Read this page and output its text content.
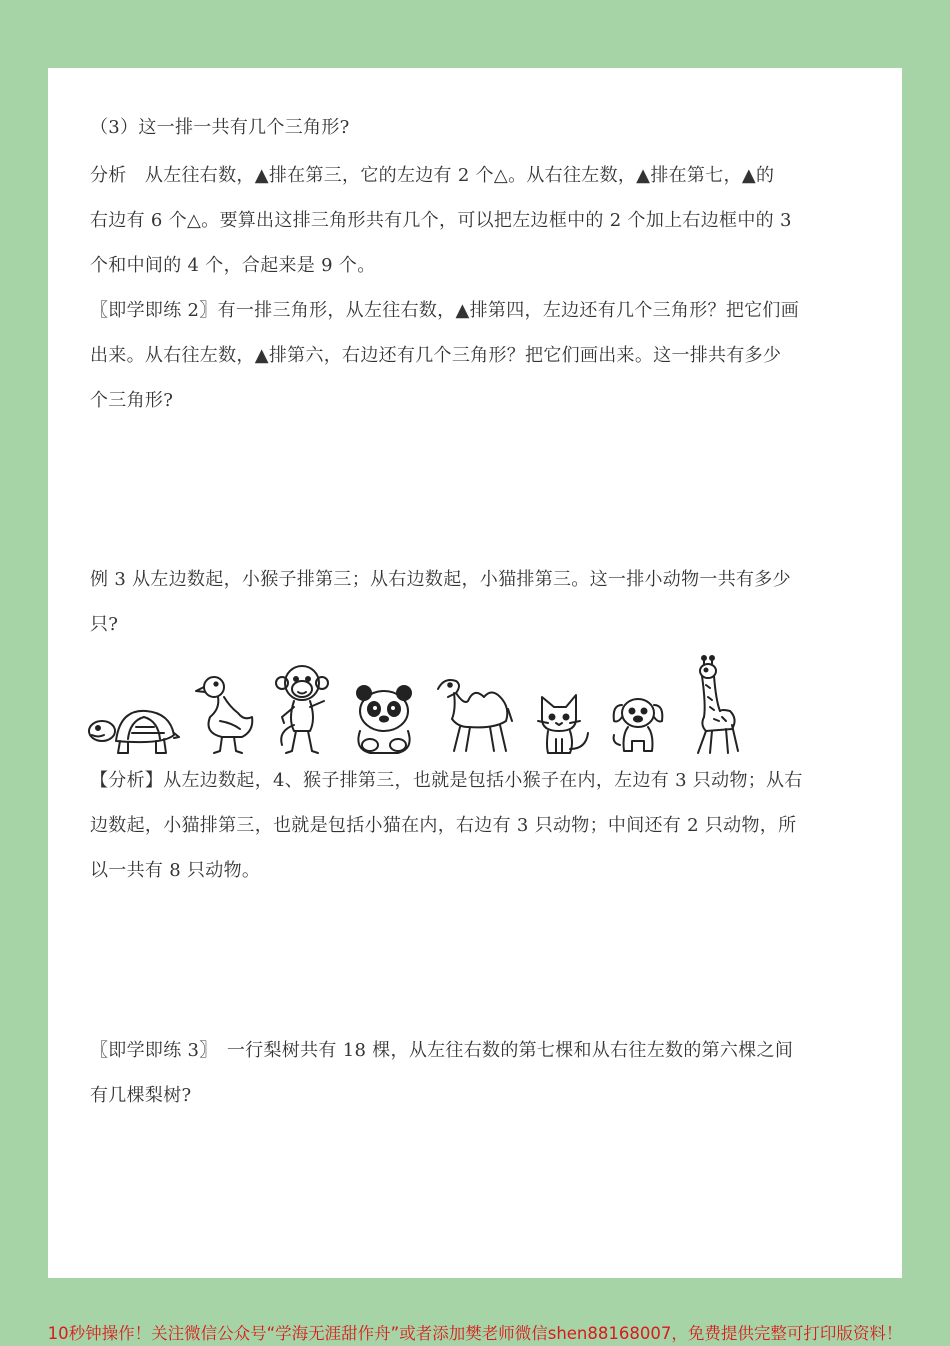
（3）这一排一共有几个三角形?
分析　从左往右数，▲排在第三，它的左边有 2 个△。从右往左数，▲排在第七，▲的
右边有 6 个△。要算出这排三角形共有几个，可以把左边框中的 2 个加上右边框中的 3
个和中间的 4 个，合起来是 9 个。
〖即学即练 2〗有一排三角形，从左往右数，▲排第四，左边还有几个三角形？把它们画
出来。从右往左数，▲排第六，右边还有几个三角形？把它们画出来。这一排共有多少
个三角形?
例 3 从左边数起，小猴子排第三；从右边数起，小猫排第三。这一排小动物一共有多少
只?
【分析】从左边数起，4、猴子排第三，也就是包括小猴子在内，左边有 3 只动物；从右
边数起，小猫排第三，也就是包括小猫在内，右边有 3 只动物；中间还有 2 只动物，所
以一共有 8 只动物。
〖即学即练 3〗　一行梨树共有 18 棵，从左往右数的第七棵和从右往左数的第六棵之间
有几棵梨树?
10秒钟操作！关注微信公众号“学海无涯甜作舟”或者添加樊老师微信shen88168007，免费提供完整可打印版资料！
